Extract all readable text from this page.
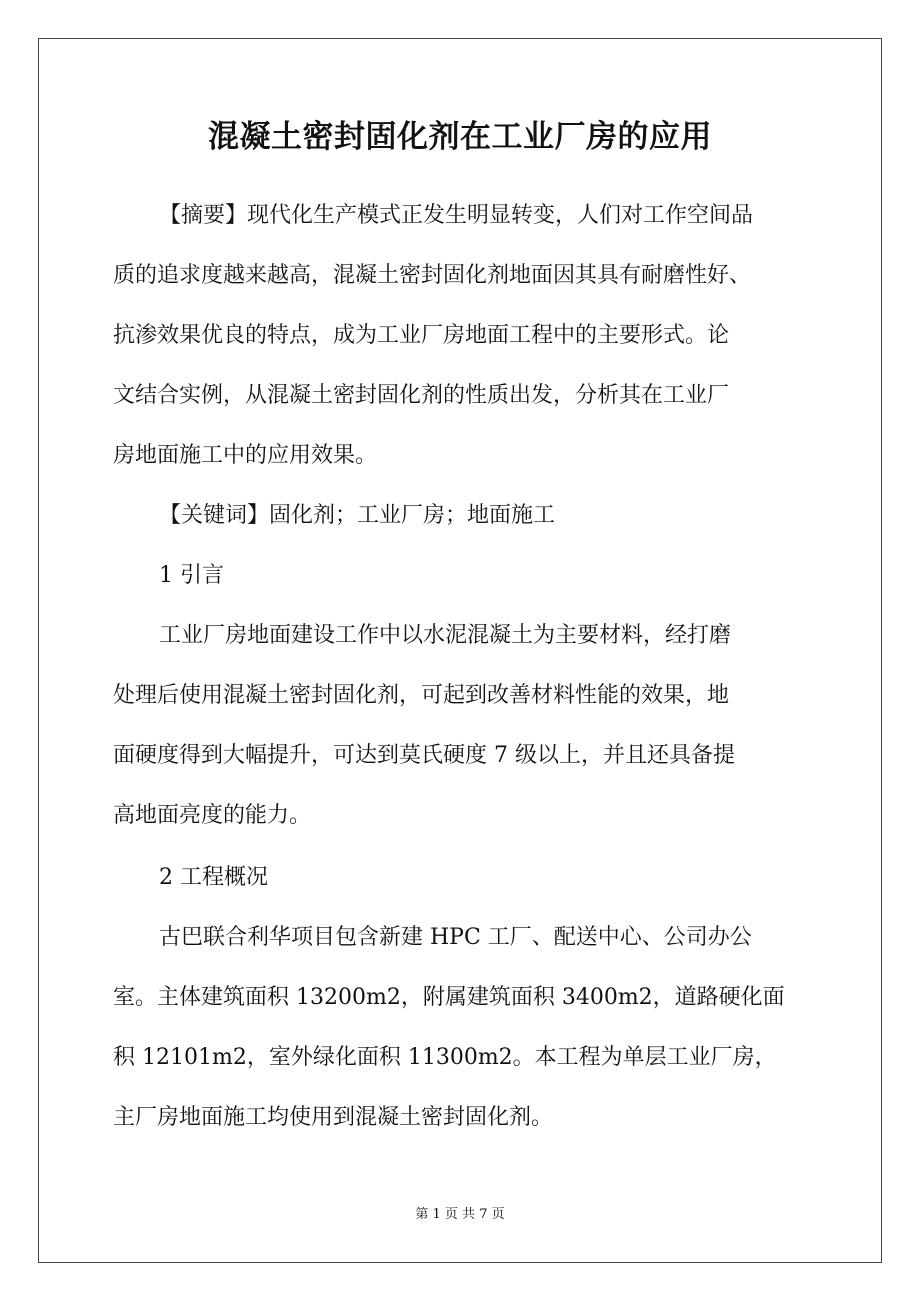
混凝土密封固化剂在工业厂房的应用

【摘要】现代化生产模式正发生明显转变，人们对工作空间品
质的追求度越来越高，混凝土密封固化剂地面因其具有耐磨性好、
抗渗效果优良的特点，成为工业厂房地面工程中的主要形式。论
文结合实例，从混凝土密封固化剂的性质出发，分析其在工业厂
房地面施工中的应用效果。

【关键词】固化剂；工业厂房；地面施工

1 引言

工业厂房地面建设工作中以水泥混凝土为主要材料，经打磨
处理后使用混凝土密封固化剂，可起到改善材料性能的效果，地
面硬度得到大幅提升，可达到莫氏硬度 7 级以上，并且还具备提
高地面亮度的能力。

2 工程概况

古巴联合利华项目包含新建 HPC 工厂、配送中心、公司办公
室。主体建筑面积 13200m2，附属建筑面积 3400m2，道路硬化面
积 12101m2，室外绿化面积 11300m2。本工程为单层工业厂房，
主厂房地面施工均使用到混凝土密封固化剂。

第 1 页 共 7 页
